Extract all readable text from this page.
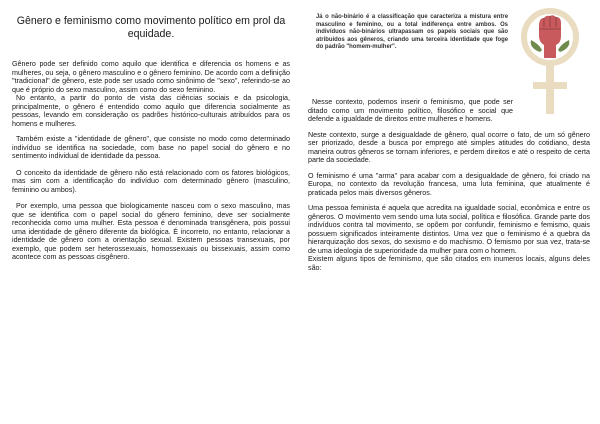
Gênero e feminismo como movimento político em prol da equidade.

Gênero pode ser definido como aquilo que identifica e diferencia os homens e as mulheres, ou seja, o gênero masculino e o gênero feminino. De acordo com a definição "tradicional" de gênero, este pode ser usado como sinônimo de "sexo", referindo-se ao que é próprio do sexo masculino, assim como do sexo feminino.

No entanto, a partir do ponto de vista das ciências sociais e da psicologia, principalmente, o gênero é entendido como aquilo que diferencia socialmente as pessoas, levando em consideração os padrões histórico-culturais atribuídos para os homens e mulheres.

Também existe a "identidade de gênero", que consiste no modo como determinado indivíduo se identifica na sociedade, com base no papel social do gênero e no sentimento individual de identidade da pessoa.

O conceito da identidade de gênero não está relacionado com os fatores biológicos, mas sim com a identificação do indivíduo com determinado gênero (masculino, feminino ou ambos).

Por exemplo, uma pessoa que biologicamente nasceu com o sexo masculino, mas que se identifica com o papel social do gênero feminino, deve ser socialmente reconhecida como uma mulher. Esta pessoa é denominada transgênera, pois possui uma identidade de gênero diferente da biológica. É incorreto, no entanto, relacionar a identidade de gênero com a orientação sexual. Existem pessoas transexuais, por exemplo, que podem ser heterossexuais, homossexuais ou bissexuais, assim como acontece com as pessoas cisgênero.

Já o não-binário é a classificação que caracteriza a mistura entre masculino e feminino, ou a total indiferença entre ambos. Os indivíduos não-binários ultrapassam os papeis sociais que são atribuídos aos gêneros, criando uma terceira identidade que foge do padrão "homem-mulher".

Nesse contexto, podemos inserir o feminismo, que pode ser ditado como um movimento político, filosófico e social que defende a igualdade de direitos entre mulheres e homens.

Neste contexto, surge a desigualdade de gênero, qual ocorre o fato, de um só gênero ser priorizado, desde a busca por emprego até simples atitudes do cotidiano, desta maneira outros gêneros se tornam inferiores, e perdem direitos e até o respeito de certa parte da sociedade.

O feminismo é uma "arma" para acabar com a desigualdade de gênero, foi criado na Europa, no contexto da revolução francesa, uma luta feminina, que atualmente é praticada pelos mais diversos gêneros.

Uma pessoa feminista é aquela que acredita na igualdade social, econômica e entre os gêneros. O movimento vem sendo uma luta social, política e filosófica. Grande parte dos indivíduos contra tal movimento, se opõem por confundir, feminismo e femismo, quais possuem significados inteiramente distintos. Uma vez que o feminismo é a quebra da hierarquização dos sexos, do sexismo e do machismo. O femismo por sua vez, trata-se de uma ideologia de superioridade da mulher para com o homem.

Existem alguns tipos de feminismo, que são citados em inumeros locais, alguns deles são:
